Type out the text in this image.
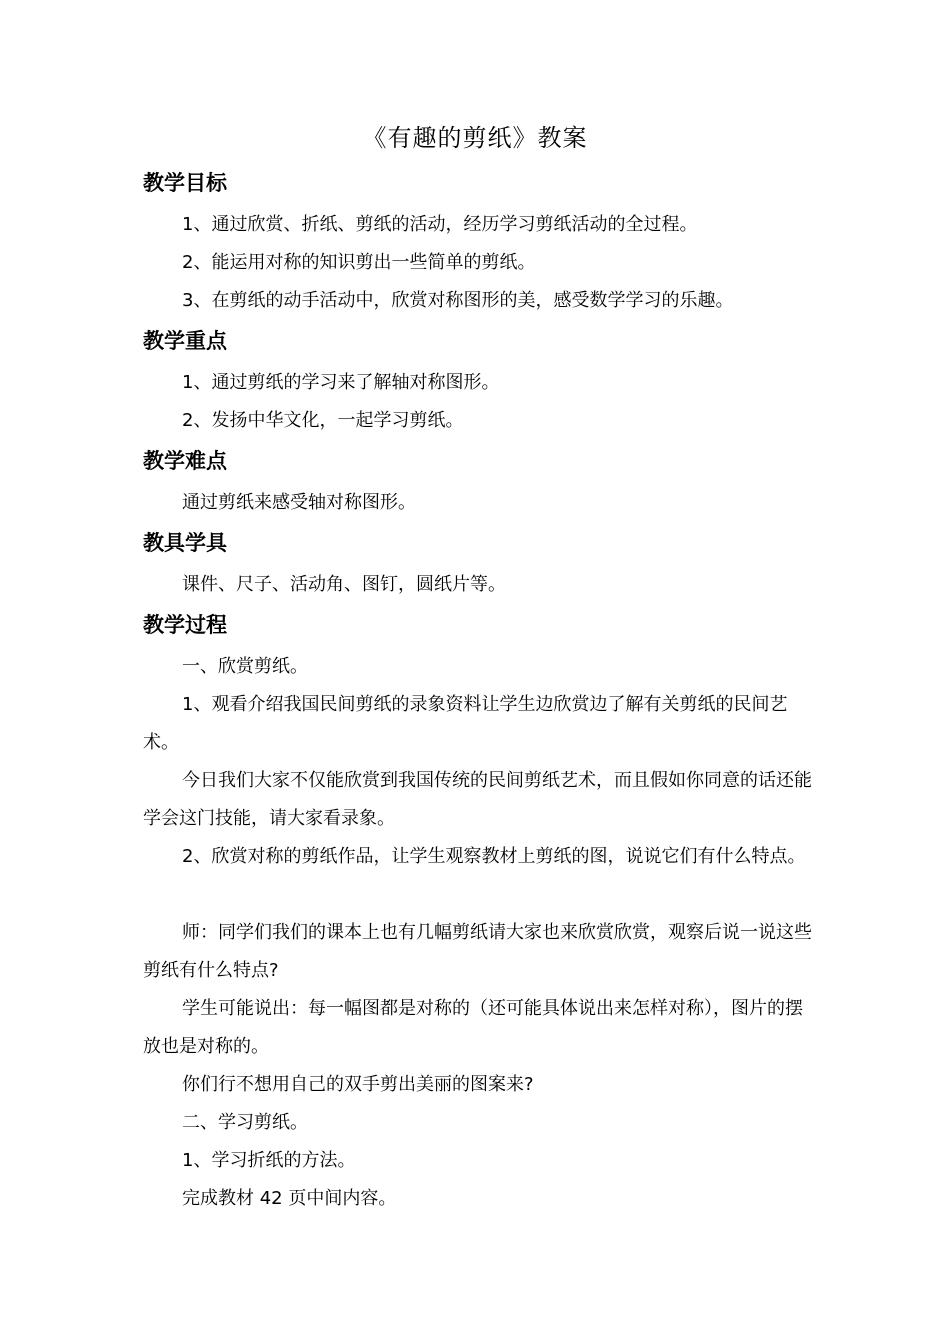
《有趣的剪纸》教案
教学目标
1、通过欣赏、折纸、剪纸的活动，经历学习剪纸活动的全过程。
2、能运用对称的知识剪出一些简单的剪纸。
3、在剪纸的动手活动中，欣赏对称图形的美，感受数学学习的乐趣。
教学重点
1、通过剪纸的学习来了解轴对称图形。
2、发扬中华文化，一起学习剪纸。
教学难点
通过剪纸来感受轴对称图形。
教具学具
课件、尺子、活动角、图钉，圆纸片等。
教学过程
一、欣赏剪纸。
1、观看介绍我国民间剪纸的录象资料让学生边欣赏边了解有关剪纸的民间艺术。
今日我们大家不仅能欣赏到我国传统的民间剪纸艺术，而且假如你同意的话还能学会这门技能，请大家看录象。
2、欣赏对称的剪纸作品，让学生观察教材上剪纸的图，说说它们有什么特点。
师：同学们我们的课本上也有几幅剪纸请大家也来欣赏欣赏，观察后说一说这些剪纸有什么特点?
学生可能说出：每一幅图都是对称的（还可能具体说出来怎样对称），图片的摆放也是对称的。
你们行不想用自己的双手剪出美丽的图案来?
二、学习剪纸。
1、学习折纸的方法。
完成教材 42 页中间内容。
